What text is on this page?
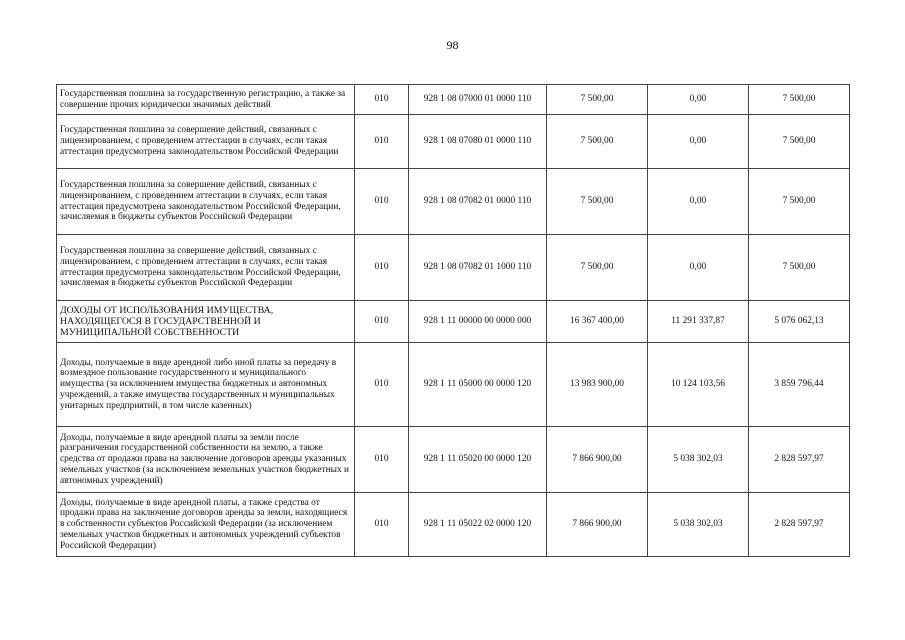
98
Государственная пошлина за государственную регистрацию, а также за совершение прочих юридически значимых действий	010	928 1 08 07000 01 0000 110	7 500,00	0,00	7 500,00
Государственная пошлина за совершение действий, связанных с лицензированием, с проведением аттестации в случаях, если такая аттестация предусмотрена законодательством Российской Федерации	010	928 1 08 07080 01 0000 110	7 500,00	0,00	7 500,00
Государственная пошлина за совершение действий, связанных с лицензированием, с проведением аттестации в случаях, если такая аттестация предусмотрена законодательством Российской Федерации, зачисляемая в бюджеты субъектов Российской Федерации	010	928 1 08 07082 01 0000 110	7 500,00	0,00	7 500,00
Государственная пошлина за совершение действий, связанных с лицензированием, с проведением аттестации в случаях, если такая аттестация предусмотрена законодательством Российской Федерации, зачисляемая в бюджеты субъектов Российской Федерации	010	928 1 08 07082 01 1000 110	7 500,00	0,00	7 500,00
ДОХОДЫ ОТ ИСПОЛЬЗОВАНИЯ ИМУЩЕСТВА, НАХОДЯЩЕГОСЯ В ГОСУДАРСТВЕННОЙ И МУНИЦИПАЛЬНОЙ СОБСТВЕННОСТИ	010	928 1 11 00000 00 0000 000	16 367 400,00	11 291 337,87	5 076 062,13
Доходы, получаемые в виде арендной либо иной платы за передачу в возмездное пользование государственного и муниципального имущества (за исключением имущества бюджетных и автономных учреждений, а также имущества государственных и муниципальных унитарных предприятий, в том числе казенных)	010	928 1 11 05000 00 0000 120	13 983 900,00	10 124 103,56	3 859 796,44
Доходы, получаемые в виде арендной платы за земли после разграничения государственной собственности на землю, а также средства от продажи права на заключение договоров аренды указанных земельных участков (за исключением земельных участков бюджетных и автономных учреждений)	010	928 1 11 05020 00 0000 120	7 866 900,00	5 038 302,03	2 828 597,97
Доходы, получаемые в виде арендной платы, а также средства от продажи права на заключение договоров аренды за земли, находящиеся в собственности субъектов Российской Федерации (за исключением земельных участков бюджетных и автономных учреждений субъектов Российской Федерации)	010	928 1 11 05022 02 0000 120	7 866 900,00	5 038 302,03	2 828 597,97
